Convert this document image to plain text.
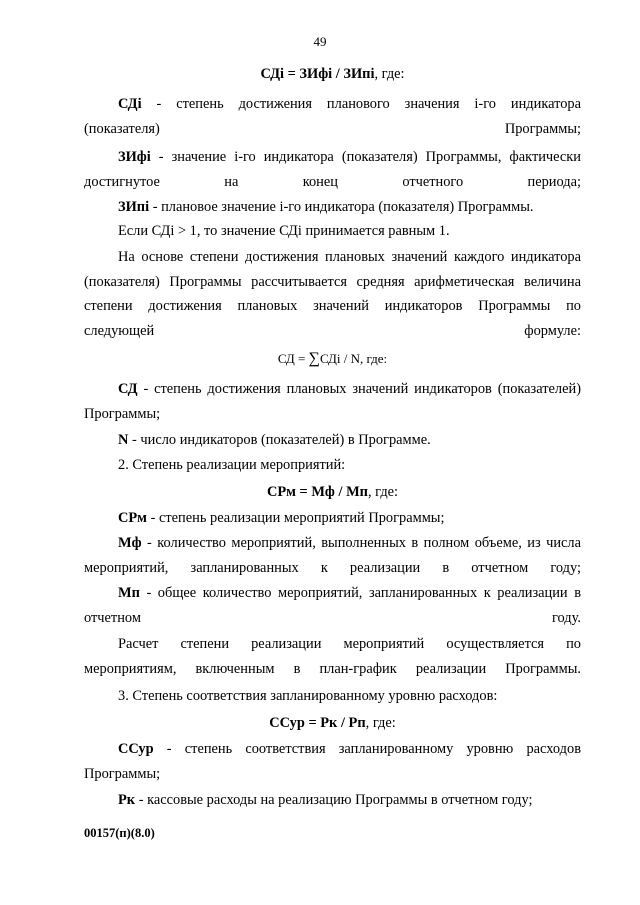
49
СДі = ЗИфі / ЗИпі, где:
СДі - степень достижения планового значения і-го индикатора (показателя) Программы;
ЗИфі - значение і-го индикатора (показателя) Программы, фактически достигнутое на конец отчетного периода;
ЗИпі - плановое значение і-го индикатора (показателя) Программы.
Если СДі > 1, то значение СДі принимается равным 1.
На основе степени достижения плановых значений каждого индикатора (показателя) Программы рассчитывается средняя арифметическая величина степени достижения плановых значений индикаторов Программы по следующей формуле:
СД = ∑СДі / N, где:
СД - степень достижения плановых значений индикаторов (показателей) Программы;
N - число индикаторов (показателей) в Программе.
2. Степень реализации мероприятий:
СРм = Мф / Мп, где:
СРм - степень реализации мероприятий Программы;
Мф - количество мероприятий, выполненных в полном объеме, из числа мероприятий, запланированных к реализации в отчетном году;
Мп - общее количество мероприятий, запланированных к реализации в отчетном году.
Расчет степени реализации мероприятий осуществляется по мероприятиям, включенным в план-график реализации Программы.
3. Степень соответствия запланированному уровню расходов:
ССур = Рк / Рп, где:
ССур - степень соответствия запланированному уровню расходов Программы;
Рк - кассовые расходы на реализацию Программы в отчетном году;
00157(п)(8.0)
